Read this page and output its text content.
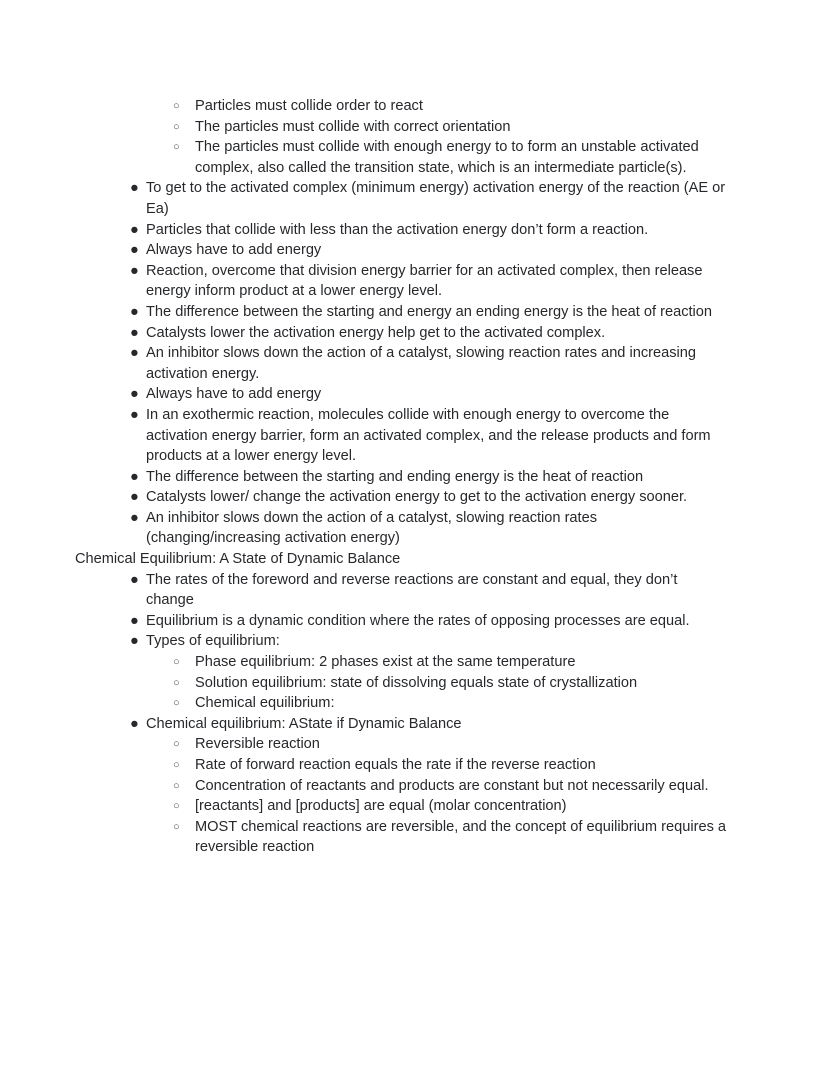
○	Particles must collide order to react
○	The particles must collide with correct orientation
○	The particles must collide with enough energy to to form an unstable activated complex, also called the transition state, which is an intermediate particle(s).
● To get to the activated complex (minimum energy) activation energy of the reaction (AE or Ea)
● Particles that collide with less than the activation energy don’t form a reaction.
● Always have to add energy
● Reaction, overcome that division energy barrier for an activated complex, then release energy inform product at a lower energy level.
● The difference between the starting and energy an ending energy is the heat of reaction
● Catalysts lower the activation energy help get to the activated complex.
● An inhibitor slows down the action of a catalyst, slowing reaction rates and increasing activation energy.
● Always have to add energy
● In an exothermic reaction, molecules collide with enough energy to overcome the activation energy barrier, form an activated complex, and the release products and form products at a lower energy level.
● The difference between the starting and ending energy is the heat of reaction
● Catalysts lower/ change the activation energy to get to the activation energy sooner.
● An inhibitor slows down the action of a catalyst, slowing reaction rates (changing/increasing activation energy)
Chemical Equilibrium: A State of Dynamic Balance
● The rates of the foreword and reverse reactions are constant and equal, they don’t change
● Equilibrium is a dynamic condition where the rates of opposing processes are equal.
● Types of equilibrium:
○	Phase equilibrium: 2 phases exist at the same temperature
○	Solution equilibrium: state of dissolving equals state of crystallization
○	Chemical equilibrium:
● Chemical equilibrium: AState if Dynamic Balance
○	Reversible reaction
○	Rate of forward reaction equals the rate if the reverse reaction
○	Concentration of reactants and products are constant but not necessarily equal.
○	[reactants] and [products] are equal (molar concentration)
○	MOST chemical reactions are reversible, and the concept of equilibrium requires a reversible reaction
